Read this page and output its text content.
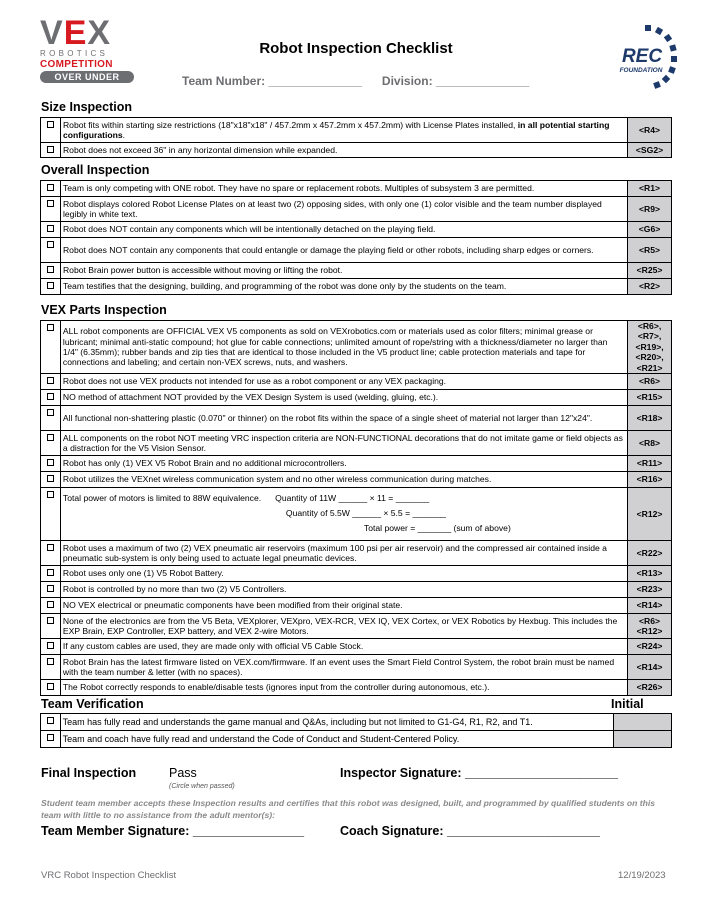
VEX
ROBOTICS
COMPETITION
OVER UNDER
REC
FOUNDATION
Robot Inspection Checklist
Team Number: ______________ Division: ______________
Size Inspection
	Robot fits within starting size restrictions (18"x18"x18" / 457.2mm x 457.2mm x 457.2mm) with License Plates installed, in all potential starting configurations.	<R4>
	Robot does not exceed 36" in any horizontal dimension while expanded.	<SG2>
Overall Inspection
	Team is only competing with ONE robot. They have no spare or replacement robots. Multiples of subsystem 3 are permitted.	<R1>
	Robot displays colored Robot License Plates on at least two (2) opposing sides, with only one (1) color visible and the team number displayed legibly in white text.	<R9>
	Robot does NOT contain any components which will be intentionally detached on the playing field.	<G6>
	Robot does NOT contain any components that could entangle or damage the playing field or other robots, including sharp edges or corners.	<R5>
	Robot Brain power button is accessible without moving or lifting the robot.	<R25>
	Team testifies that the designing, building, and programming of the robot was done only by the students on the team.	<R2>
VEX Parts Inspection
	ALL robot components are OFFICIAL VEX V5 components as sold on VEXrobotics.com or materials used as color filters; minimal grease or lubricant; minimal anti-static compound; hot glue for cable connections; unlimited amount of rope/string with a thickness/diameter no larger than 1/4" (6.35mm); rubber bands and zip ties that are identical to those included in the V5 product line; cable protection materials and tape for connections and labeling; and certain non-VEX screws, nuts, and washers.	<R6>, <R7>, <R19>, <R20>, <R21>
	Robot does not use VEX products not intended for use as a robot component or any VEX packaging.	<R6>
	NO method of attachment NOT provided by the VEX Design System is used (welding, gluing, etc.).	<R15>
	All functional non-shattering plastic (0.070" or thinner) on the robot fits within the space of a single sheet of material not larger than 12"x24".	<R18>
	ALL components on the robot NOT meeting VRC inspection criteria are NON-FUNCTIONAL decorations that do not imitate game or field objects as a distraction for the V5 Vision Sensor.	<R8>
	Robot has only (1) VEX V5 Robot Brain and no additional microcontrollers.	<R11>
	Robot utilizes the VEXnet wireless communication system and no other wireless communication during matches.	<R16>

	Total power of motors is limited to 88W equivalence. Quantity of 11W ______ × 11 = _______
Quantity of 5.5W ______ × 5.5 = _______
Total power = _______ (sum of above)	<R12>
	Robot uses a maximum of two (2) VEX pneumatic air reservoirs (maximum 100 psi per air reservoir) and the compressed air contained inside a pneumatic sub-system is only being used to actuate legal pneumatic devices.	<R22>
	Robot uses only one (1) V5 Robot Battery.	<R13>
	Robot is controlled by no more than two (2) V5 Controllers.	<R23>
	NO VEX electrical or pneumatic components have been modified from their original state.	<R14>
	None of the electronics are from the V5 Beta, VEXplorer, VEXpro, VEX-RCR, VEX IQ, VEX Cortex, or VEX Robotics by Hexbug. This includes the EXP Brain, EXP Controller, EXP battery, and VEX 2-wire Motors.	<R6> <R12>
	If any custom cables are used, they are made only with official V5 Cable Stock.	<R24>
	Robot Brain has the latest firmware listed on VEX.com/firmware. If an event uses the Smart Field Control System, the robot brain must be named with the team number & letter (with no spaces).	<R14>
	The Robot correctly responds to enable/disable tests (ignores input from the controller during autonomous, etc.).	<R26>
Team Verification	Initial
	Team has fully read and understands the game manual and Q&As, including but not limited to G1-G4, R1, R2, and T1.	
	Team and coach have fully read and understand the Code of Conduct and Student-Centered Policy.	
Final Inspection	Pass
(Circle when passed)
Inspector Signature: ______________________
Student team member accepts these Inspection results and certifies that this robot was designed, built, and programmed by qualified students on this team with little to no assistance from the adult mentor(s):
Team Member Signature: ________________	Coach Signature: ______________________
VRC Robot Inspection Checklist	12/19/2023
